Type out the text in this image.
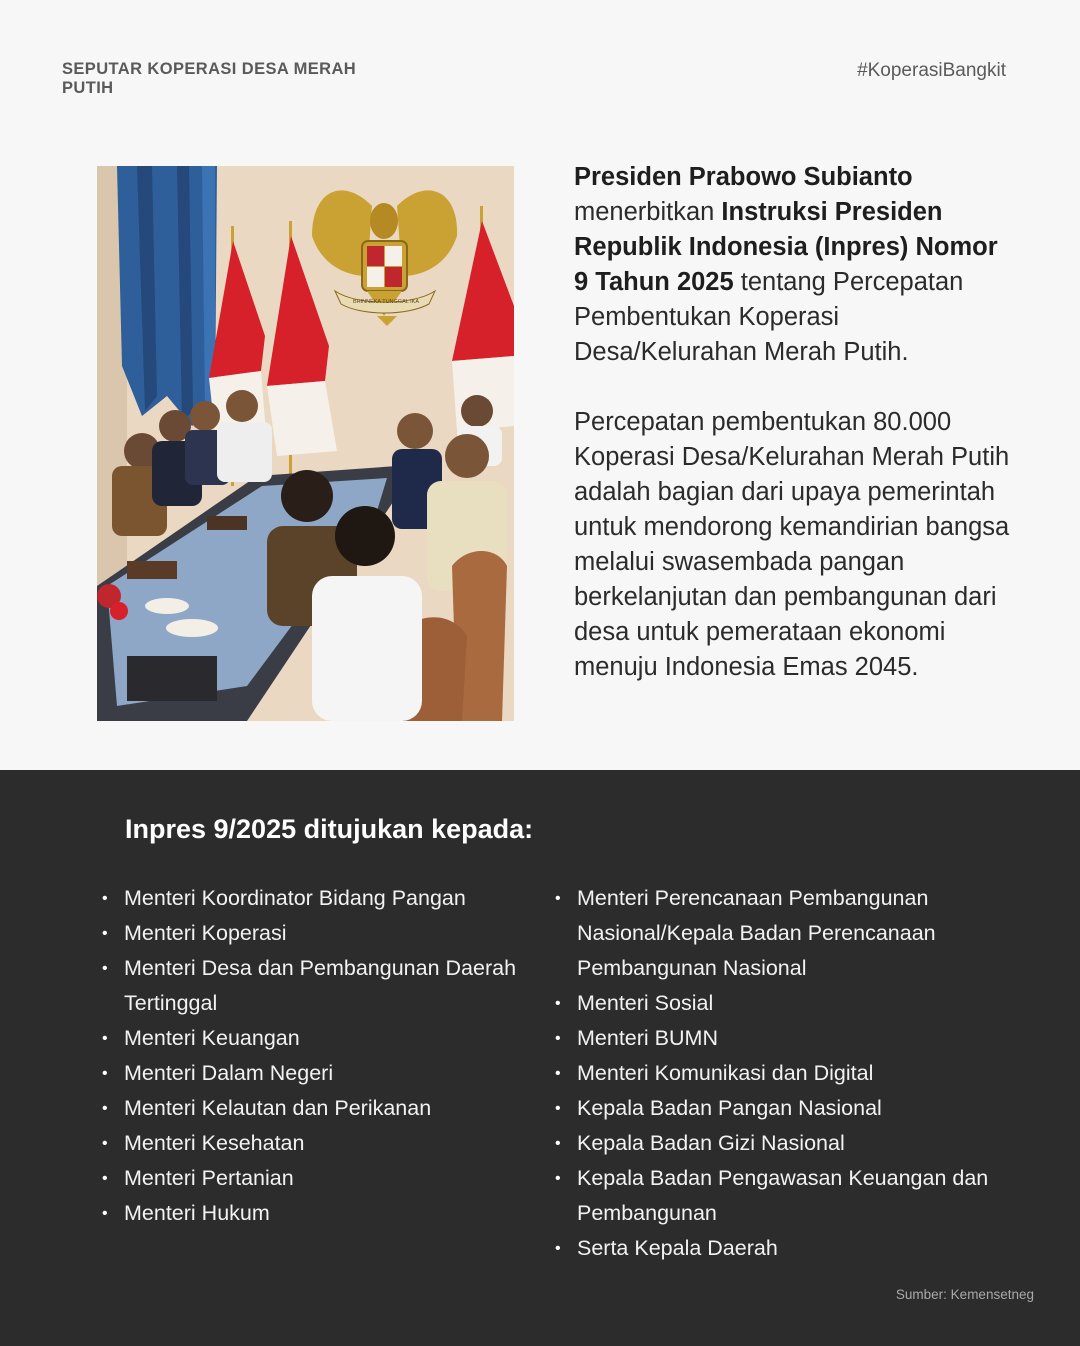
SEPUTAR KOPERASI DESA MERAH PUTIH
#KoperasiBangkit
BHINNEKA TUNGGAL IKA

Presiden Prabowo Subianto menerbitkan Instruksi Presiden Republik Indonesia (Inpres) Nomor 9 Tahun 2025 tentang Percepatan Pembentukan Koperasi Desa/Kelurahan Merah Putih.

Percepatan pembentukan 80.000 Koperasi Desa/Kelurahan Merah Putih adalah bagian dari upaya pemerintah untuk mendorong kemandirian bangsa melalui swasembada pangan berkelanjutan dan pembangunan dari desa untuk pemerataan ekonomi menuju Indonesia Emas 2045.

Inpres 9/2025 ditujukan kepada:
• Menteri Koordinator Bidang Pangan
• Menteri Koperasi
• Menteri Desa dan Pembangunan Daerah Tertinggal
• Menteri Keuangan
• Menteri Dalam Negeri
• Menteri Kelautan dan Perikanan
• Menteri Kesehatan
• Menteri Pertanian
• Menteri Hukum
• Menteri Perencanaan Pembangunan Nasional/Kepala Badan Perencanaan Pembangunan Nasional
• Menteri Sosial
• Menteri BUMN
• Menteri Komunikasi dan Digital
• Kepala Badan Pangan Nasional
• Kepala Badan Gizi Nasional
• Kepala Badan Pengawasan Keuangan dan Pembangunan
• Serta Kepala Daerah
Sumber: Kemensetneg
